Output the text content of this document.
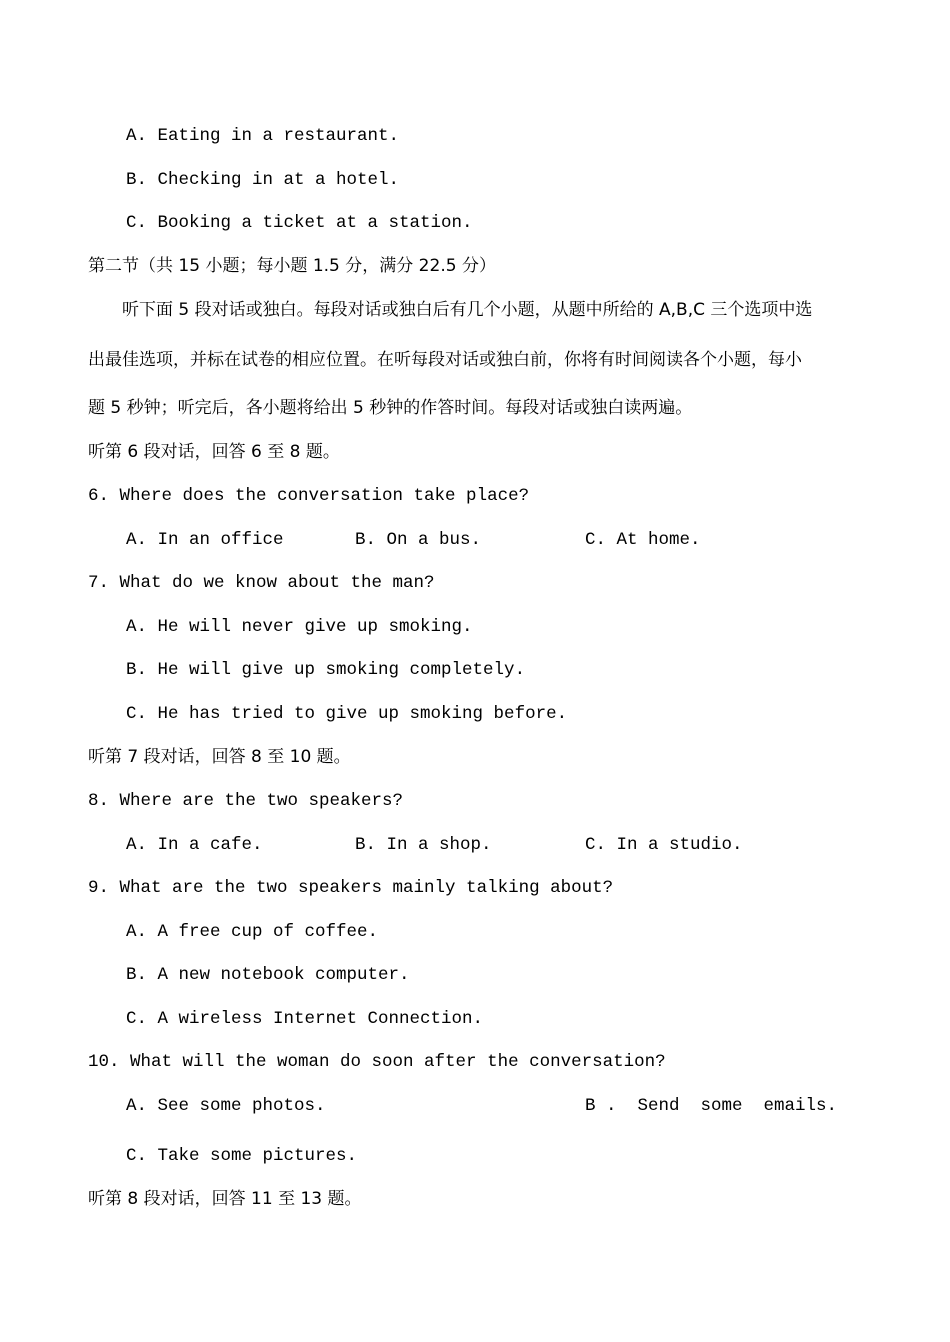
A. Eating in a restaurant.
B. Checking in at a hotel.
C. Booking a ticket at a station.
第二节（共 15 小题；每小题 1.5 分，满分 22.5 分）
听下面 5 段对话或独白。每段对话或独白后有几个小题，从题中所给的 A,B,C 三个选项中选
出最佳选项，并标在试卷的相应位置。在听每段对话或独白前，你将有时间阅读各个小题，每小
题 5 秒钟；听完后，各小题将给出 5 秒钟的作答时间。每段对话或独白读两遍。
听第 6 段对话，回答 6 至 8 题。
6. Where does the conversation take place?
A. In an office	B. On a bus.	C. At home.
7. What do we know about the man?
A. He will never give up smoking.
B. He will give up smoking completely.
C. He has tried to give up smoking before.
听第 7 段对话，回答 8 至 10 题。
8. Where are the two speakers?
A. In a cafe.	B. In a shop.	C. In a studio.
9. What are the two speakers mainly talking about?
A. A free cup of coffee.
B. A new notebook computer.
C. A wireless Internet Connection.
10. What will the woman do soon after the conversation?
A. See some photos.	B .  Send  some  emails.
C. Take some pictures.
听第 8 段对话，回答 11 至 13 题。
